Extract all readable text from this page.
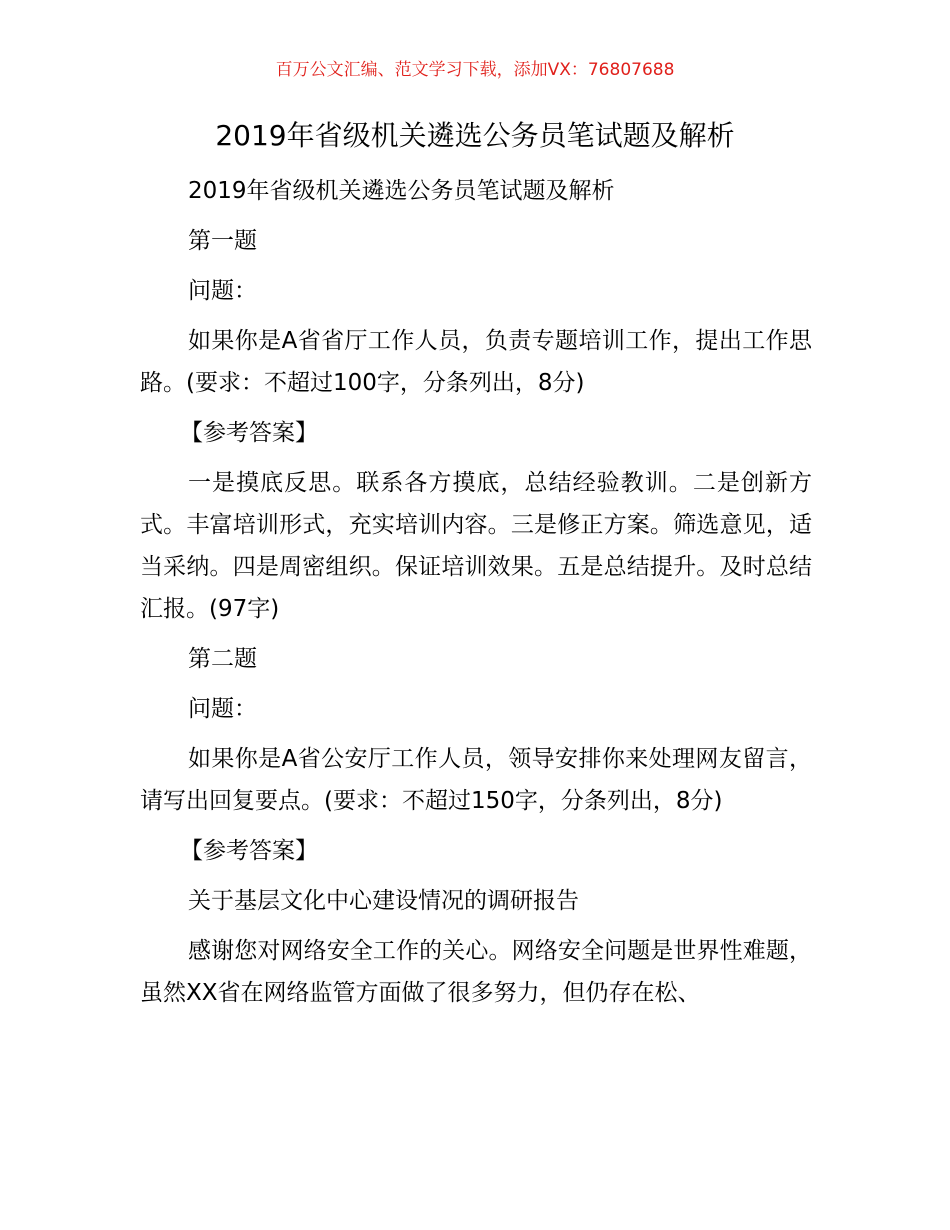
百万公文汇编、范文学习下载，添加VX：76807688
2019年省级机关遴选公务员笔试题及解析

2019年省级机关遴选公务员笔试题及解析

第一题

问题：

如果你是A省省厅工作人员，负责专题培训工作，提出工作思路。(要求：不超过100字，分条列出，8分)

【参考答案】

一是摸底反思。联系各方摸底，总结经验教训。二是创新方式。丰富培训形式，充实培训内容。三是修正方案。筛选意见，适当采纳。四是周密组织。保证培训效果。五是总结提升。及时总结汇报。(97字)

第二题

问题：

如果你是A省公安厅工作人员，领导安排你来处理网友留言，请写出回复要点。(要求：不超过150字，分条列出，8分)

【参考答案】

关于基层文化中心建设情况的调研报告

感谢您对网络安全工作的关心。网络安全问题是世界性难题，虽然XX省在网络监管方面做了很多努力，但仍存在松、
